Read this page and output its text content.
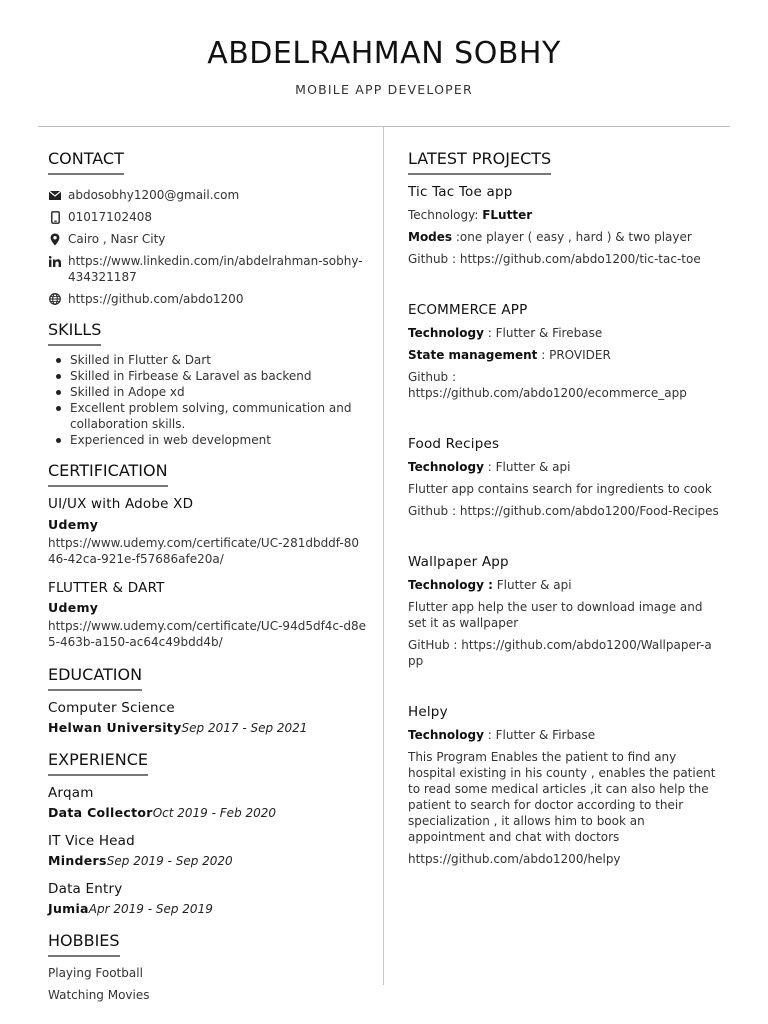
ABDELRAHMAN SOBHY
MOBILE APP DEVELOPER
CONTACT
abdosobhy1200@gmail.com
01017102408
Cairo , Nasr City
https://www.linkedin.com/in/abdelrahman-sobhy-434321187
https://github.com/abdo1200
SKILLS
Skilled in Flutter & Dart
Skilled in Firbease & Laravel as backend
Skilled in Adope xd
Excellent problem solving, communication and collaboration skills.
Experienced in web development
CERTIFICATION
UI/UX with Adobe XD
Udemy
https://www.udemy.com/certificate/UC-281dbddf-8046-42ca-921e-f57686afe20a/
FLUTTER & DART
Udemy
https://www.udemy.com/certificate/UC-94d5df4c-d8e5-463b-a150-ac64c49bdd4b/
EDUCATION
Computer Science
Helwan UniversitySep 2017 - Sep 2021
EXPERIENCE
Arqam
Data CollectorOct 2019 - Feb 2020
IT Vice Head
MindersSep 2019 - Sep 2020
Data Entry
JumiaApr 2019 - Sep 2019
HOBBIES
Playing Football
Watching Movies
LATEST PROJECTS
Tic Tac Toe app
Technology: FLutter
Modes :one player ( easy , hard ) & two player
Github : https://github.com/abdo1200/tic-tac-toe
ECOMMERCE APP
Technology : Flutter & Firebase
State management : PROVIDER
Github : https://github.com/abdo1200/ecommerce_app
Food Recipes
Technology : Flutter & api
Flutter app contains search for ingredients to cook
Github : https://github.com/abdo1200/Food-Recipes
Wallpaper App
Technology : Flutter & api
Flutter app help the user to download image and set it as wallpaper
GitHub : https://github.com/abdo1200/Wallpaper-app
Helpy
Technology : Flutter & Firbase
This Program Enables the patient to find any hospital existing in his county , enables the patient to read some medical articles ,it can also help the patient to search for doctor according to their specialization , it allows him to book an appointment and chat with doctors
https://github.com/abdo1200/helpy
